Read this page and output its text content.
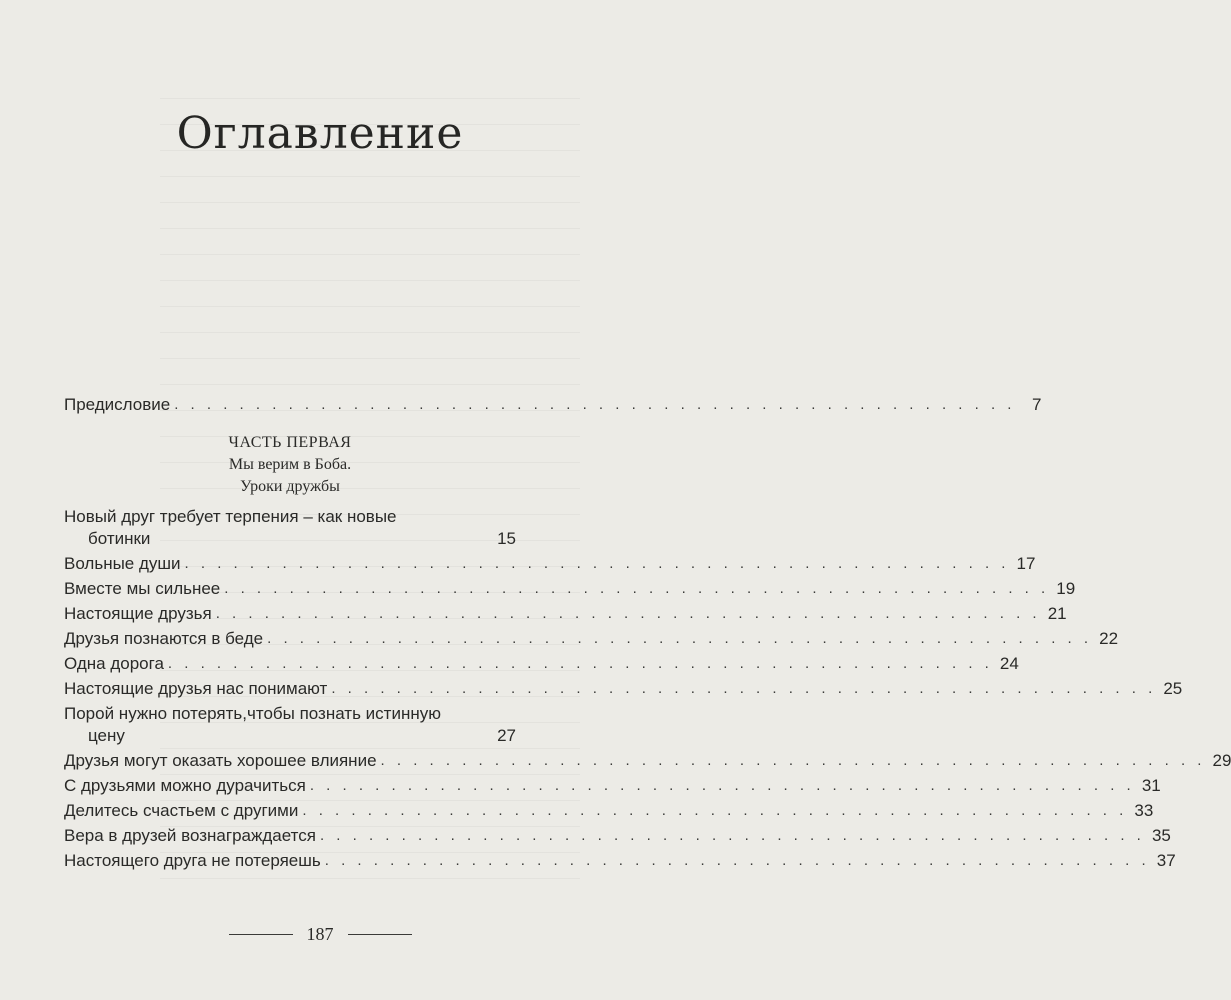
Оглавление
Предисловие . . . . . . . . . . . . . . . . . . . . . . . . . . . . . . . . . . . . . . . . . . . . . . . . . . . . 7
ЧАСТЬ ПЕРВАЯ
Мы верим в Боба.
Уроки дружбы
Новый друг требует терпения – как новые
ботинки	15
Вольные души . . . . . . . . . . . . . . . . . . . . . . . . . . . . . . . . . . . . . . . . . . . . . . . . . . . 17
Вместе мы сильнее . . . . . . . . . . . . . . . . . . . . . . . . . . . . . . . . . . . . . . . . . . . . . . . . . . . 19
Настоящие друзья . . . . . . . . . . . . . . . . . . . . . . . . . . . . . . . . . . . . . . . . . . . . . . . . . . . 21
Друзья познаются в беде . . . . . . . . . . . . . . . . . . . . . . . . . . . . . . . . . . . . . . . . . . . . . . . . . . . 22
Одна дорога . . . . . . . . . . . . . . . . . . . . . . . . . . . . . . . . . . . . . . . . . . . . . . . . . . . 24
Настоящие друзья нас понимают . . . . . . . . . . . . . . . . . . . . . . . . . . . . . . . . . . . . . . . . . . . . . . . . . . . 25
Порой нужно потерять,чтобы познать истинную
цену	27
Друзья могут оказать хорошее влияние . . . . . . . . . . . . . . . . . . . . . . . . . . . . . . . . . . . . . . . . . . . . . . . . . . . 29
С друзьями можно дурачиться . . . . . . . . . . . . . . . . . . . . . . . . . . . . . . . . . . . . . . . . . . . . . . . . . . . 31
Делитесь счастьем с другими . . . . . . . . . . . . . . . . . . . . . . . . . . . . . . . . . . . . . . . . . . . . . . . . . . . 33
Вера в друзей вознаграждается . . . . . . . . . . . . . . . . . . . . . . . . . . . . . . . . . . . . . . . . . . . . . . . . . . . 35
Настоящего друга не потеряешь . . . . . . . . . . . . . . . . . . . . . . . . . . . . . . . . . . . . . . . . . . . . . . . . . . . 37
187
